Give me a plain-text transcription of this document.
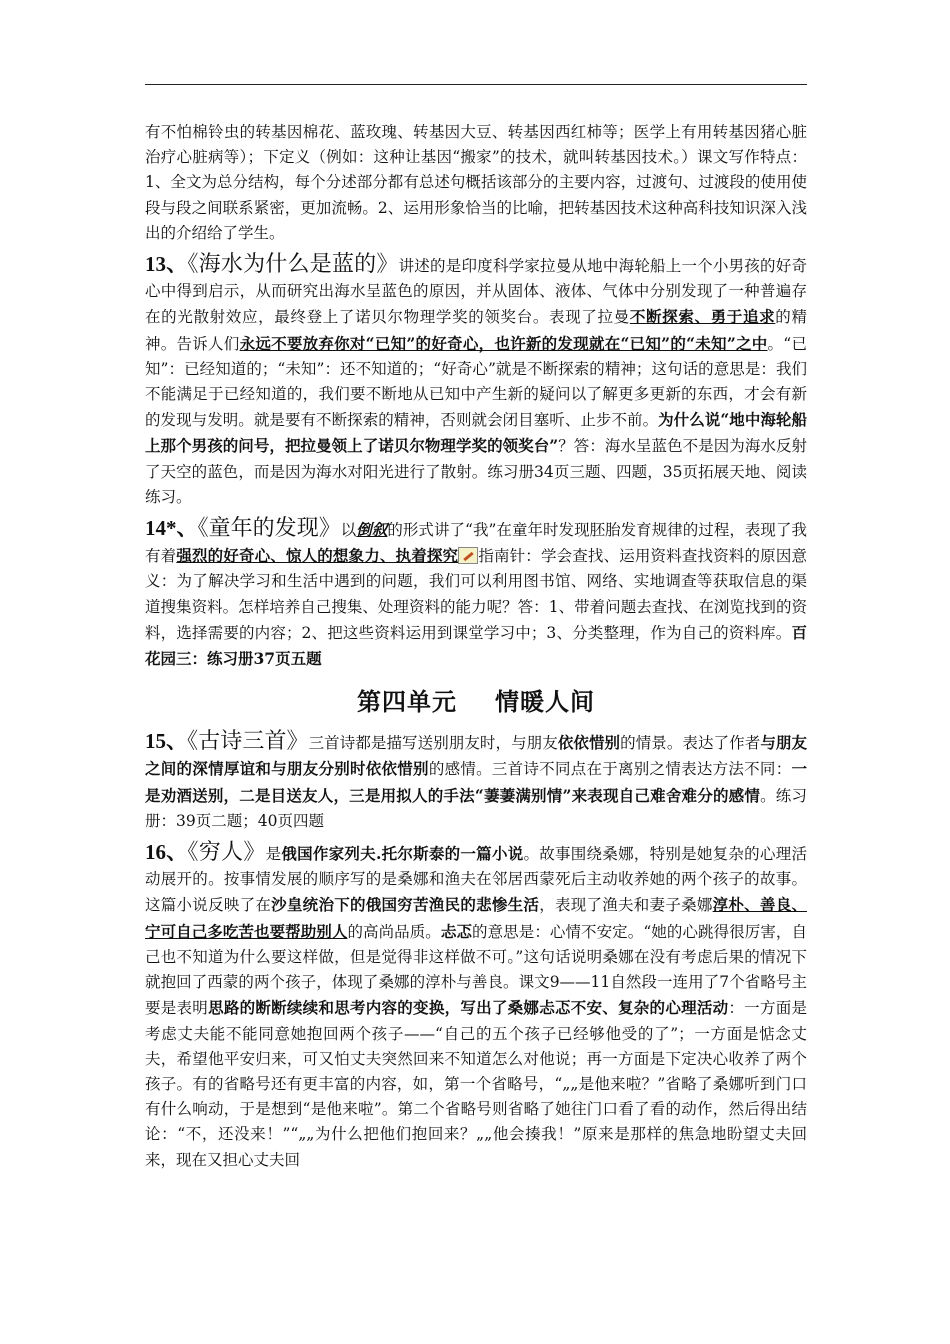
有不怕棉铃虫的转基因棉花、蓝玫瑰、转基因大豆、转基因西红柿等；医学上有用转基因猪心脏治疗心脏病等）；下定义（例如：这种让基因“搬家”的技术，就叫转基因技术。）课文写作特点：1、全文为总分结构，每个分述部分都有总述句概括该部分的主要内容，过渡句、过渡段的使用使段与段之间联系紧密，更加流畅。2、运用形象恰当的比喻，把转基因技术这种高科技知识深入浅出的介绍给了学生。

13、《海水为什么是蓝的》讲述的是印度科学家拉曼从地中海轮船上一个小男孩的好奇心中得到启示，从而研究出海水呈蓝色的原因，并从固体、液体、气体中分别发现了一种普遍存在的光散射效应，最终登上了诺贝尔物理学奖的领奖台。表现了拉曼不断探索、勇于追求的精神。告诉人们永远不要放弃你对“已知”的好奇心，也许新的发现就在“已知”的“未知”之中。“已知”：已经知道的；“未知”：还不知道的；“好奇心”就是不断探索的精神；这句话的意思是：我们不能满足于已经知道的，我们要不断地从已知中产生新的疑问以了解更多更新的东西，才会有新的发现与发明。就是要有不断探索的精神，否则就会闭目塞听、止步不前。为什么说“地中海轮船上那个男孩的问号，把拉曼领上了诺贝尔物理学奖的领奖台”？答：海水呈蓝色不是因为海水反射了天空的蓝色，而是因为海水对阳光进行了散射。练习册34页三题、四题，35页拓展天地、阅读练习。

14*、《童年的发现》以倒叙的形式讲了“我”在童年时发现胚胎发育规律的过程，表现了我有着强烈的好奇心、惊人的想象力、执着探究 指南针：学会查找、运用资料查找资料的原因意义：为了解决学习和生活中遇到的问题，我们可以利用图书馆、网络、实地调查等获取信息的渠道搜集资料。怎样培养自己搜集、处理资料的能力呢？答：1、带着问题去查找、在浏览找到的资料，选择需要的内容；2、把这些资料运用到课堂学习中；3、分类整理，作为自己的资料库。百花园三：练习册37页五题

第四单元 情暖人间

15、《古诗三首》三首诗都是描写送别朋友时，与朋友依依惜别的情景。表达了作者与朋友之间的深情厚谊和与朋友分别时依依惜别的感情。三首诗不同点在于离别之情表达方法不同：一是劝酒送别，二是目送友人，三是用拟人的手法“萋萋满别情”来表现自己难舍难分的感情。练习册：39页二题；40页四题

16、《穷人》是俄国作家列夫.托尔斯泰的一篇小说。故事围绕桑娜，特别是她复杂的心理活动展开的。按事情发展的顺序写的是桑娜和渔夫在邻居西蒙死后主动收养她的两个孩子的故事。这篇小说反映了在沙皇统治下的俄国穷苦渔民的悲惨生活，表现了渔夫和妻子桑娜淳朴、善良、宁可自己多吃苦也要帮助别人的高尚品质。忐忑的意思是：心情不安定。“她的心跳得很厉害，自己也不知道为什么要这样做，但是觉得非这样做不可。”这句话说明桑娜在没有考虑后果的情况下就抱回了西蒙的两个孩子，体现了桑娜的淳朴与善良。课文9——11自然段一连用了7个省略号主要是表明思路的断断续续和思考内容的变换，写出了桑娜忐忑不安、复杂的心理活动：一方面是考虑丈夫能不能同意她抱回两个孩子——“自己的五个孩子已经够他受的了”；一方面是惦念丈夫，希望他平安归来，可又怕丈夫突然回来不知道怎么对他说；再一方面是下定决心收养了两个孩子。有的省略号还有更丰富的内容，如，第一个省略号，“„„是他来啦？”省略了桑娜听到门口有什么响动，于是想到“是他来啦”。第二个省略号则省略了她往门口看了看的动作，然后得出结论：“不，还没来！”“„„为什么把他们抱回来？„„他会揍我！”原来是那样的焦急地盼望丈夫回来，现在又担心丈夫回
